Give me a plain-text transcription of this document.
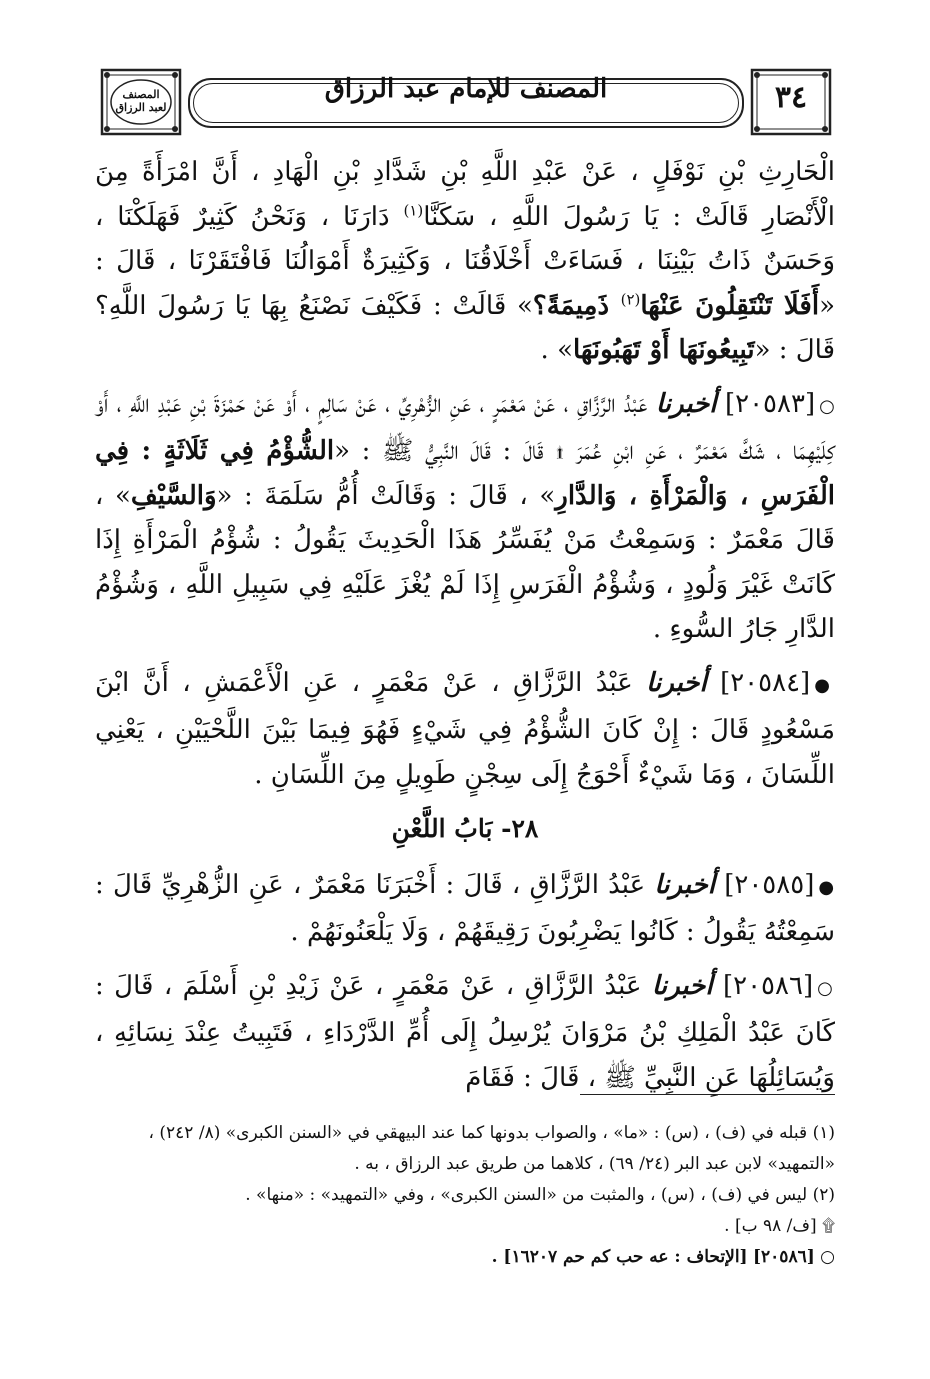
المصنف
لعبد الرزاق
المصنف للإمام عبد الرزاق	٣٤

الْحَارِثِ بْنِ نَوْفَلٍ ، عَنْ عَبْدِ اللَّهِ بْنِ شَدَّادِ بْنِ الْهَادِ ، أَنَّ امْرَأَةً مِنَ الْأَنْصَارِ قَالَتْ : يَا رَسُولَ اللَّهِ ، سَكَنَّا$^{(١)}$ دَارَنَا ، وَنَحْنُ كَثِيرٌ فَهَلَكْنَا ، وَحَسَنٌ ذَاتُ بَيْنِنَا ، فَسَاءَتْ أَخْلَاقُنَا ، وَكَثِيرَةٌ أَمْوَالُنَا فَافْتَقَرْنَا ، قَالَ : «أَفَلَا تَنْتَقِلُونَ عَنْهَا$^{(٢)}$ ذَمِيمَةً؟» قَالَتْ : فَكَيْفَ نَصْنَعُ بِهَا يَا رَسُولَ اللَّهِ؟ قَالَ : «تَبِيعُونَهَا أَوْ تَهَبُونَهَا» .

○[٢٠٥٨٣] أخبرنا عَبْدُ الرَّزَّاقِ ، عَنْ مَعْمَرٍ ، عَنِ الزُّهْرِيِّ ، عَنْ سَالِمٍ ، أَوْ عَنْ حَمْزَةَ بْنِ عَبْدِ اللَّهِ ، أَوْ كِلَيْهِمَا ، شَكَّ مَعْمَرٌ ، عَنِ ابْنِ عُمَرَ ۩ قَالَ : قَالَ النَّبِيُّ ﷺ : «الشُّؤْمُ فِي ثَلَاثَةٍ : فِي الْفَرَسِ ، وَالْمَرْأَةِ ، وَالدَّارِ» ، قَالَ : وَقَالَتْ أُمُّ سَلَمَةَ : «وَالسَّيْفِ» ، قَالَ مَعْمَرٌ : وَسَمِعْتُ مَنْ يُفَسِّرُ هَذَا الْحَدِيثَ يَقُولُ : شُؤْمُ الْمَرْأَةِ إِذَا كَانَتْ غَيْرَ وَلُودٍ ، وَشُؤْمُ الْفَرَسِ إِذَا لَمْ يُغْزَ عَلَيْهِ فِي سَبِيلِ اللَّهِ ، وَشُؤْمُ الدَّارِ جَارُ السُّوءِ .

●[٢٠٥٨٤] أخبرنا عَبْدُ الرَّزَّاقِ ، عَنْ مَعْمَرٍ ، عَنِ الْأَعْمَشِ ، أَنَّ ابْنَ مَسْعُودٍ قَالَ : إِنْ كَانَ الشُّؤْمُ فِي شَيْءٍ فَهُوَ فِيمَا بَيْنَ اللَّحْيَيْنِ ، يَعْنِي اللِّسَانَ ، وَمَا شَيْءٌ أَحْوَجُ إِلَى سِجْنٍ طَوِيلٍ مِنَ اللِّسَانِ .

٢٨- بَابُ اللَّعْنِ

●[٢٠٥٨٥] أخبرنا عَبْدُ الرَّزَّاقِ ، قَالَ : أَخْبَرَنَا مَعْمَرٌ ، عَنِ الزُّهْرِيِّ قَالَ : سَمِعْتُهُ يَقُولُ : كَانُوا يَضْرِبُونَ رَقِيقَهُمْ ، وَلَا يَلْعَنُونَهُمْ .

○[٢٠٥٨٦] أخبرنا عَبْدُ الرَّزَّاقِ ، عَنْ مَعْمَرٍ ، عَنْ زَيْدِ بْنِ أَسْلَمَ ، قَالَ : كَانَ عَبْدُ الْمَلِكِ بْنُ مَرْوَانَ يُرْسِلُ إِلَى أُمِّ الدَّرْدَاءِ ، فَتَبِيتُ عِنْدَ نِسَائِهِ ، وَيُسَائِلُهَا عَنِ النَّبِيِّ ﷺ ، قَالَ : فَقَامَ

(١) قبله في (ف) ، (س) : «ما» ، والصواب بدونها كما عند البيهقي في «السنن الكبرى» (٨/ ٢٤٢) ،

«التمهيد» لابن عبد البر (٢٤/ ٦٩) ، كلاهما من طريق عبد الرزاق ، به .

(٢) ليس في (ف) ، (س) ، والمثبت من «السنن الكبرى» ، وفي «التمهيد» : «منها» .

۩ [ف/ ٩٨ ب] .

○ [٢٠٥٨٦] [الإتحاف : عه حب كم حم ١٦٢٠٧] .
